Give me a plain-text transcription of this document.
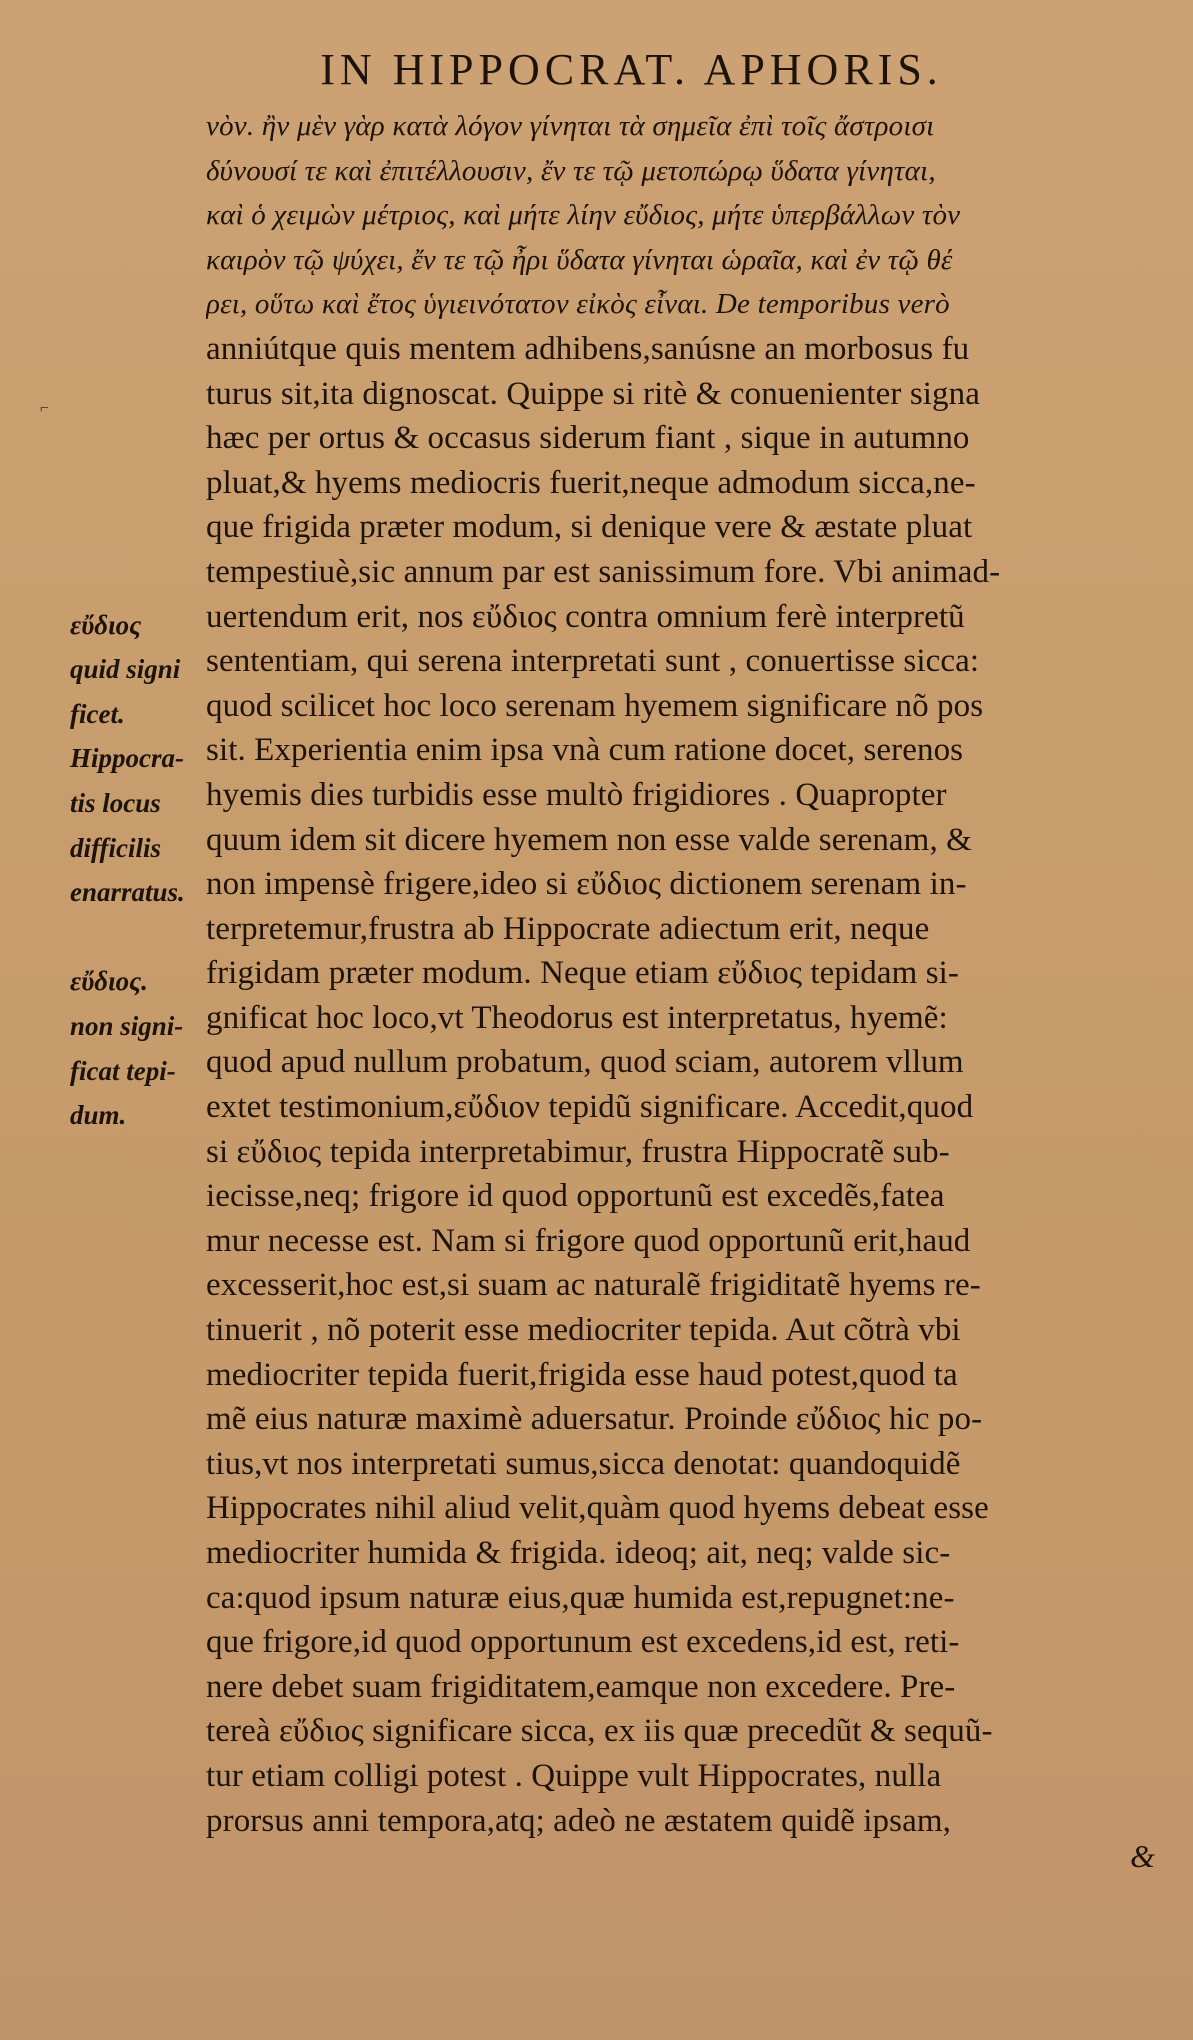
IN HIPPOCRAT. APHORIS.
νὸν. ἢν μὲν γὰρ κατὰ λόγον γίνηται τὰ σημεῖα ἐπὶ τοῖς ἄστροισι
δύνουσί τε καὶ ἐπιτέλλουσιν, ἔν τε τῷ μετοπώρῳ ὕδατα γίνηται,
καὶ ὁ χειμὼν μέτριος, καὶ μήτε λίην εὔδιος, μήτε ὑπερβάλλων τὸν
καιρὸν τῷ ψύχει, ἔν τε τῷ ἦρι ὕδατα γίνηται ὡραῖα, καὶ ἐν τῷ θέ
ρει, οὕτω καὶ ἔτος ὑγιεινότατον εἰκὸς εἶναι. De temporibus verò
anniútque quis mentem adhibens,sanúsne an morbosus fu
turus sit,ita dignoscat. Quippe si ritè & conuenienter signa
hæc per ortus & occasus siderum fiant , sique in autumno
pluat,& hyems mediocris fuerit,neque admodum sicca,ne-
que frigida præter modum, si denique vere & æstate pluat
tempestiuè,sic annum par est sanissimum fore. Vbi animad-
uertendum erit, nos εὔδιος contra omnium ferè interpretũ
sententiam, qui serena interpretati sunt , conuertisse sicca:
quod scilicet hoc loco serenam hyemem significare nõ pos
sit. Experientia enim ipsa vnà cum ratione docet, serenos
hyemis dies turbidis esse multò frigidiores . Quapropter
quum idem sit dicere hyemem non esse valde serenam, &
non impensè frigere,ideo si εὔδιος dictionem serenam in-
terpretemur,frustra ab Hippocrate adiectum erit, neque
frigidam præter modum. Neque etiam εὔδιος tepidam si-
gnificat hoc loco,vt Theodorus est interpretatus, hyemẽ:
quod apud nullum probatum, quod sciam, autorem vllum
extet testimonium,εὔδιον tepidũ significare. Accedit,quod
si εὔδιος tepida interpretabimur, frustra Hippocratẽ sub-
iecisse,neq; frigore id quod opportunũ est excedẽs,fatea
mur necesse est. Nam si frigore quod opportunũ erit,haud
excesserit,hoc est,si suam ac naturalẽ frigiditatẽ hyems re-
tinuerit , nõ poterit esse mediocriter tepida. Aut cõtrà vbi
mediocriter tepida fuerit,frigida esse haud potest,quod ta
mẽ eius naturæ maximè aduersatur. Proinde εὔδιος hic po-
tius,vt nos interpretati sumus,sicca denotat: quandoquidẽ
Hippocrates nihil aliud velit,quàm quod hyems debeat esse
mediocriter humida & frigida. ideoq; ait, neq; valde sic-
ca:quod ipsum naturæ eius,quæ humida est,repugnet:ne-
que frigore,id quod opportunum est excedens,id est, reti-
nere debet suam frigiditatem,eamque non excedere. Pre-
tereà εὔδιος significare sicca, ex iis quæ precedũt & sequũ-
tur etiam colligi potest . Quippe vult Hippocrates, nulla
prorsus anni tempora,atq; adeò ne æstatem quidẽ ipsam,
εὔδιος
quid signi
ficet.
Hippocra-
tis locus
difficilis
enarratus.
εὔδιος.
non signi-
ficat tepi-
dum.
&
⌐
